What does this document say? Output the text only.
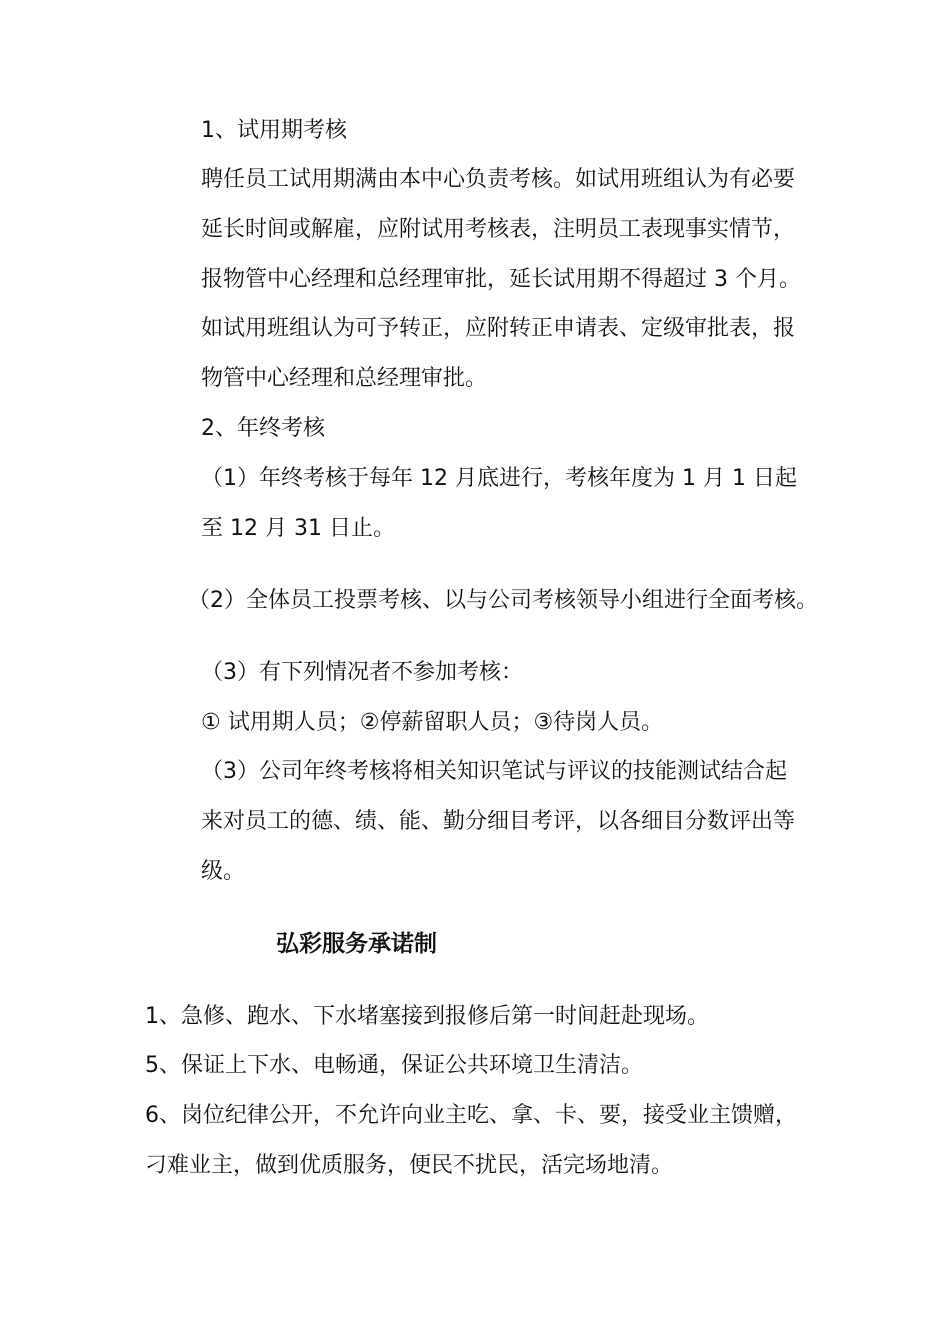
1、试用期考核
聘任员工试用期满由本中心负责考核。如试用班组认为有必要
延长时间或解雇，应附试用考核表，注明员工表现事实情节，
报物管中心经理和总经理审批，延长试用期不得超过 3 个月。
如试用班组认为可予转正，应附转正申请表、定级审批表，报
物管中心经理和总经理审批。
2、年终考核
（1）年终考核于每年 12 月底进行，考核年度为 1 月 1 日起
至 12 月 31 日止。
（2）全体员工投票考核、以与公司考核领导小组进行全面考核。
（3）有下列情况者不参加考核：
① 试用期人员；②停薪留职人员；③待岗人员。
（3）公司年终考核将相关知识笔试与评议的技能测试结合起
来对员工的德、绩、能、勤分细目考评，以各细目分数评出等
级。
弘彩服务承诺制
1、急修、跑水、下水堵塞接到报修后第一时间赶赴现场。
5、保证上下水、电畅通，保证公共环境卫生清洁。
6、岗位纪律公开，不允许向业主吃、拿、卡、要，接受业主馈赠，
刁难业主，做到优质服务，便民不扰民，活完场地清。
